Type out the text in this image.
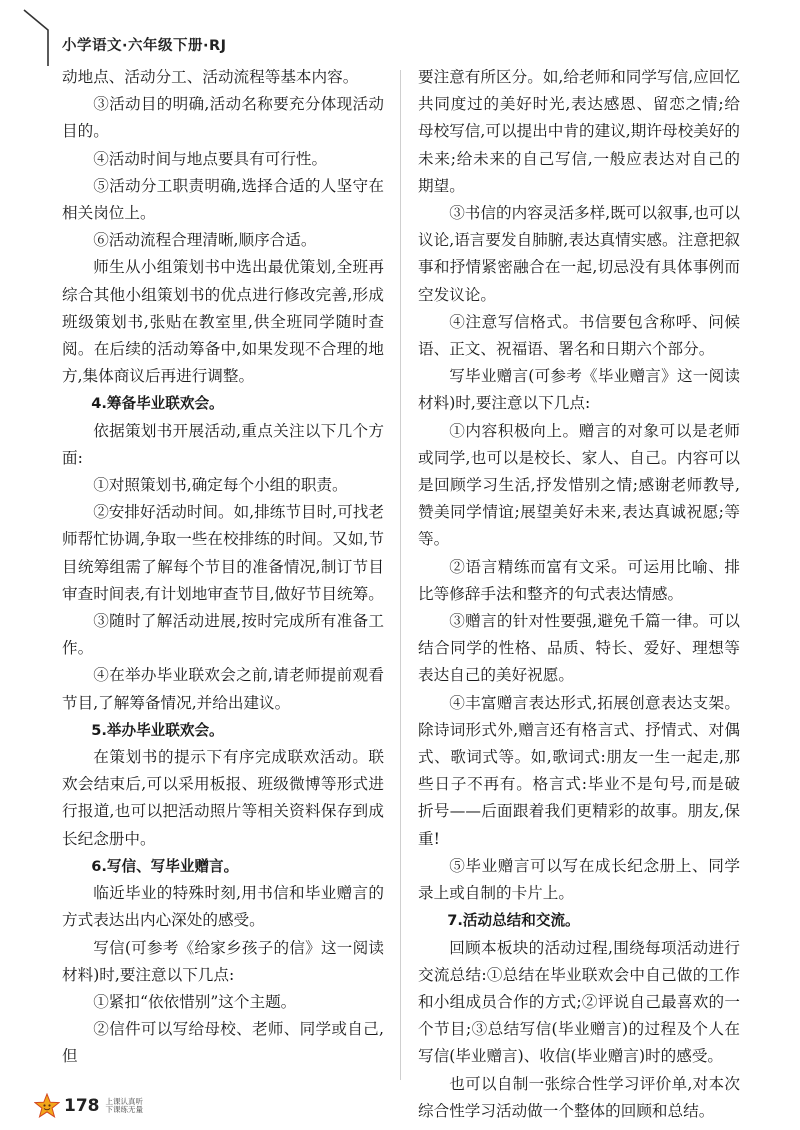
小学语文·六年级下册·RJ

动地点、活动分工、活动流程等基本内容。

③活动目的明确,活动名称要充分体现活动目的。

④活动时间与地点要具有可行性。

⑤活动分工职责明确,选择合适的人坚守在相关岗位上。

⑥活动流程合理清晰,顺序合适。

师生从小组策划书中选出最优策划,全班再综合其他小组策划书的优点进行修改完善,形成班级策划书,张贴在教室里,供全班同学随时查阅。在后续的活动筹备中,如果发现不合理的地方,集体商议后再进行调整。

4.筹备毕业联欢会。

依据策划书开展活动,重点关注以下几个方面:

①对照策划书,确定每个小组的职责。

②安排好活动时间。如,排练节目时,可找老师帮忙协调,争取一些在校排练的时间。又如,节目统筹组需了解每个节目的准备情况,制订节目审查时间表,有计划地审查节目,做好节目统筹。

③随时了解活动进展,按时完成所有准备工作。

④在举办毕业联欢会之前,请老师提前观看节目,了解筹备情况,并给出建议。

5.举办毕业联欢会。

在策划书的提示下有序完成联欢活动。联欢会结束后,可以采用板报、班级微博等形式进行报道,也可以把活动照片等相关资料保存到成长纪念册中。

6.写信、写毕业赠言。

临近毕业的特殊时刻,用书信和毕业赠言的方式表达出内心深处的感受。

写信(可参考《给家乡孩子的信》这一阅读材料)时,要注意以下几点:

①紧扣“依依惜别”这个主题。

②信件可以写给母校、老师、同学或自己,但

要注意有所区分。如,给老师和同学写信,应回忆共同度过的美好时光,表达感恩、留恋之情;给母校写信,可以提出中肯的建议,期许母校美好的未来;给未来的自己写信,一般应表达对自己的期望。

③书信的内容灵活多样,既可以叙事,也可以议论,语言要发自肺腑,表达真情实感。注意把叙事和抒情紧密融合在一起,切忌没有具体事例而空发议论。

④注意写信格式。书信要包含称呼、问候语、正文、祝福语、署名和日期六个部分。

写毕业赠言(可参考《毕业赠言》这一阅读材料)时,要注意以下几点:

①内容积极向上。赠言的对象可以是老师或同学,也可以是校长、家人、自己。内容可以是回顾学习生活,抒发惜别之情;感谢老师教导,赞美同学情谊;展望美好未来,表达真诚祝愿;等等。

②语言精练而富有文采。可运用比喻、排比等修辞手法和整齐的句式表达情感。

③赠言的针对性要强,避免千篇一律。可以结合同学的性格、品质、特长、爱好、理想等表达自己的美好祝愿。

④丰富赠言表达形式,拓展创意表达支架。除诗词形式外,赠言还有格言式、抒情式、对偶式、歌词式等。如,歌词式:朋友一生一起走,那些日子不再有。格言式:毕业不是句号,而是破折号——后面跟着我们更精彩的故事。朋友,保重!

⑤毕业赠言可以写在成长纪念册上、同学录上或自制的卡片上。

7.活动总结和交流。

回顾本板块的活动过程,围绕每项活动进行交流总结:①总结在毕业联欢会中自己做的工作和小组成员合作的方式;②评说自己最喜欢的一个节目;③总结写信(毕业赠言)的过程及个人在写信(毕业赠言)、收信(毕业赠言)时的感受。

也可以自制一张综合性学习评价单,对本次综合性学习活动做一个整体的回顾和总结。

178 上课认真听
下课练无量
